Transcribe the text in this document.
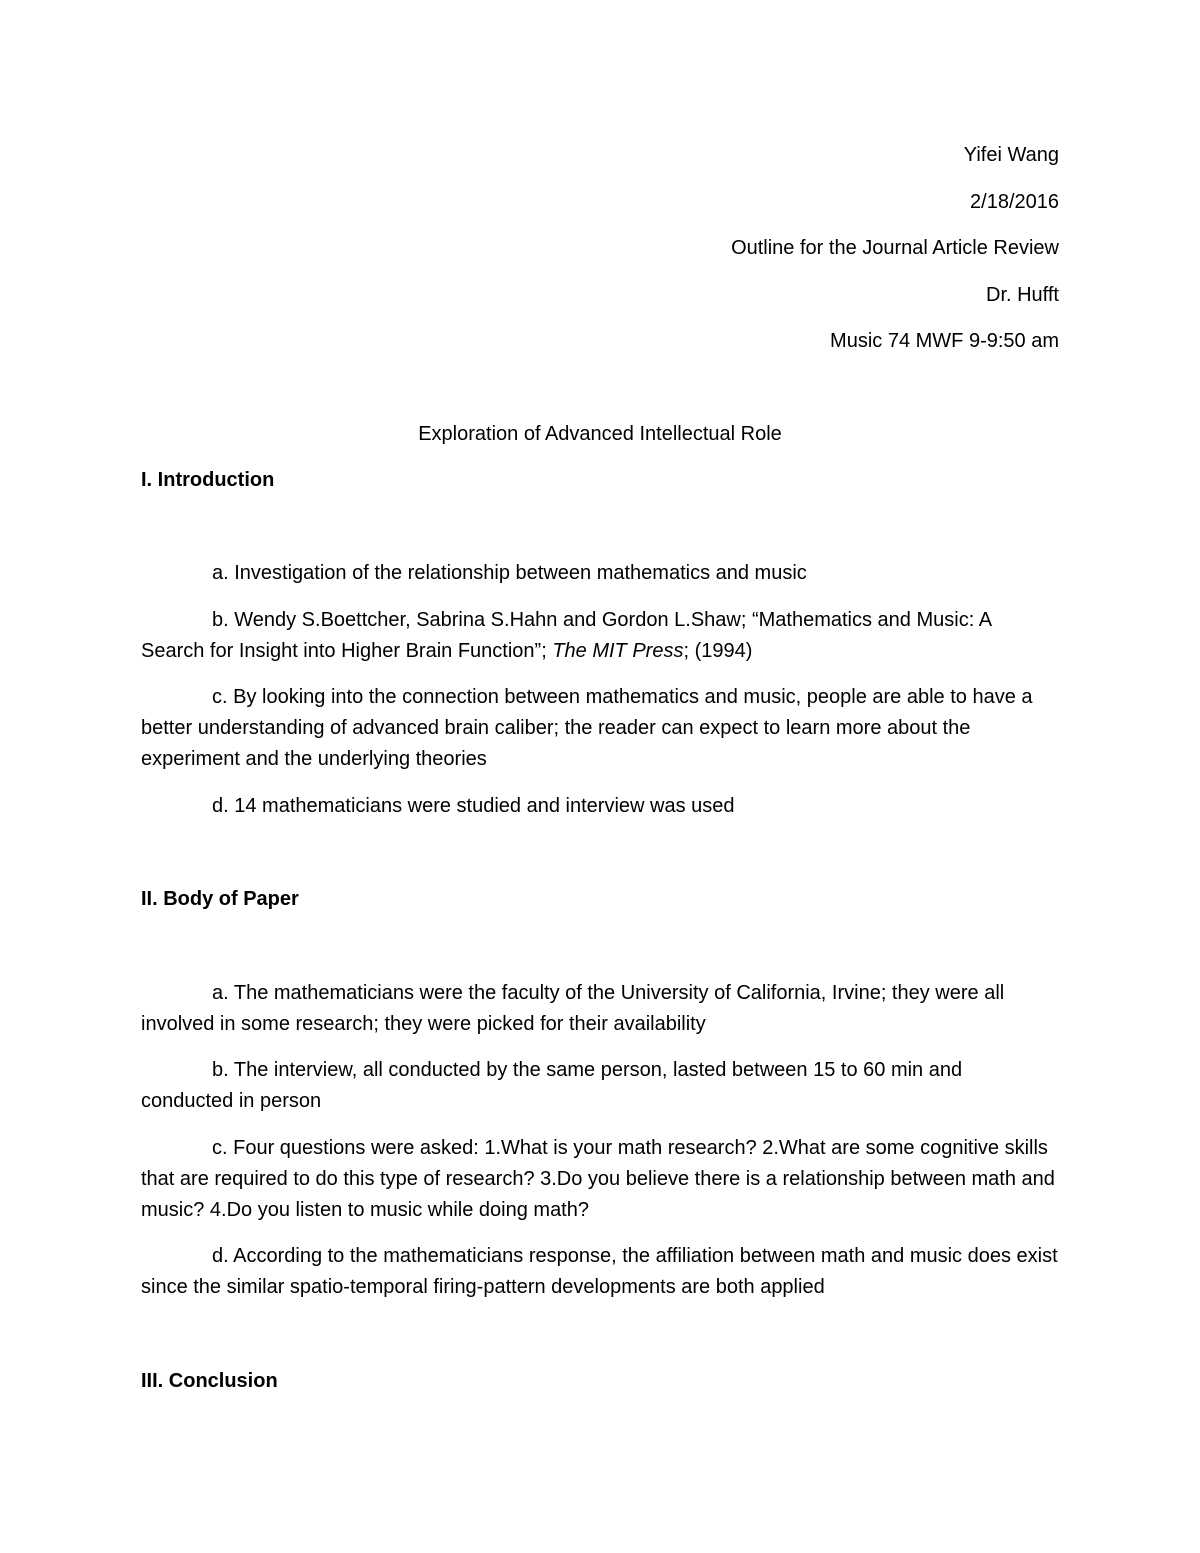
Yifei Wang
2/18/2016
Outline for the Journal Article Review
Dr. Hufft
Music 74 MWF 9-9:50 am
Exploration of Advanced Intellectual Role
I. Introduction
a. Investigation of the relationship between mathematics and music
b. Wendy S.Boettcher, Sabrina S.Hahn and Gordon L.Shaw; “Mathematics and Music: A Search for Insight into Higher Brain Function”; The MIT Press; (1994)
c. By looking into the connection between mathematics and music, people are able to have a better understanding of advanced brain caliber; the reader can expect to learn more about the experiment and the underlying theories
d. 14 mathematicians were studied and interview was used
II. Body of Paper
a. The mathematicians were the faculty of the University of California, Irvine; they were all involved in some research; they were picked for their availability
b. The interview, all conducted by the same person, lasted between 15 to 60 min and conducted in person
c. Four questions were asked: 1.What is your math research? 2.What are some cognitive skills that are required to do this type of research? 3.Do you believe there is a relationship between math and music? 4.Do you listen to music while doing math?
d. According to the mathematicians response, the affiliation between math and music does exist since the similar spatio-temporal firing-pattern developments are both applied
III. Conclusion
